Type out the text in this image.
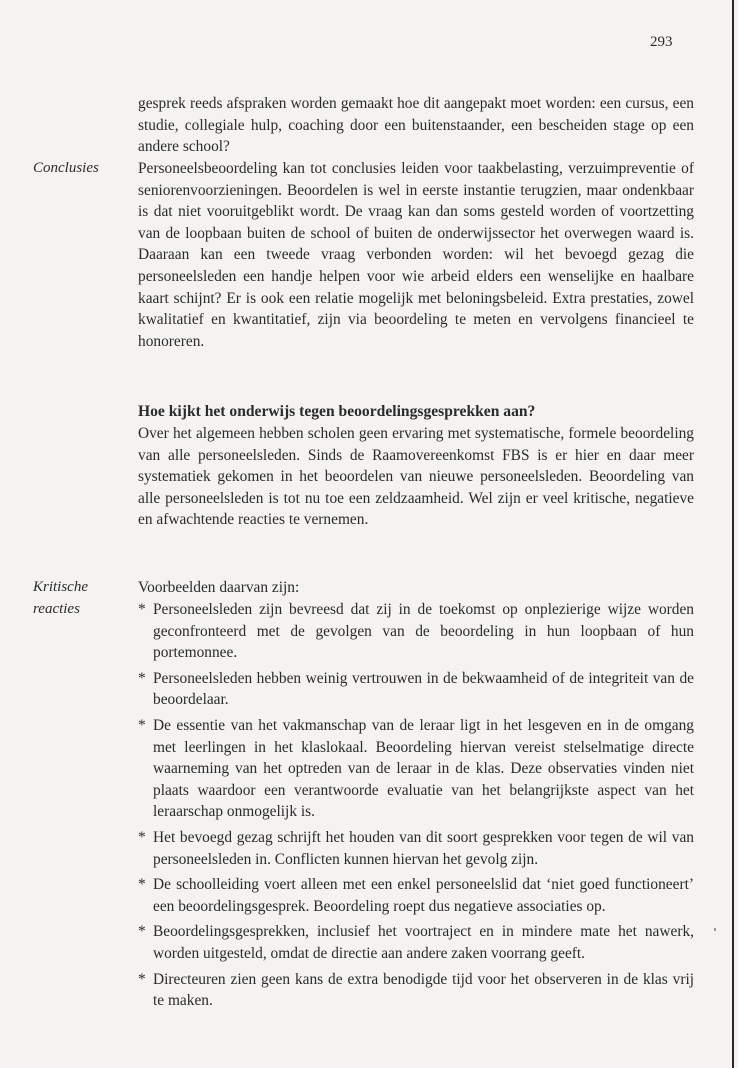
293

gesprek reeds afspraken worden gemaakt hoe dit aangepakt moet worden: een cursus, een studie, collegiale hulp, coaching door een buitenstaander, een bescheiden stage op een andere school?

Conclusies	Personeelsbeoordeling kan tot conclusies leiden voor taakbelasting, verzuimpreventie of seniorenvoorzieningen. Beoordelen is wel in eerste instantie terugzien, maar ondenkbaar is dat niet vooruitgeblikt wordt. De vraag kan dan soms gesteld worden of voortzetting van de loopbaan buiten de school of buiten de onderwijssector het overwegen waard is. Daaraan kan een tweede vraag verbonden worden: wil het bevoegd gezag die personeelsleden een handje helpen voor wie arbeid elders een wenselijke en haalbare kaart schijnt? Er is ook een relatie mogelijk met beloningsbeleid. Extra prestaties, zowel kwalitatief en kwantitatief, zijn via beoordeling te meten en vervolgens financieel te honoreren.

Hoe kijkt het onderwijs tegen beoordelingsgesprekken aan?

Over het algemeen hebben scholen geen ervaring met systematische, formele beoordeling van alle personeelsleden. Sinds de Raamovereenkomst FBS is er hier en daar meer systematiek gekomen in het beoordelen van nieuwe personeelsleden. Beoordeling van alle personeelsleden is tot nu toe een zeldzaamheid. Wel zijn er veel kritische, negatieve en afwachtende reacties te vernemen.

Kritische
reacties

Voorbeelden daarvan zijn:

* Personeelsleden zijn bevreesd dat zij in de toekomst op onplezierige wijze worden geconfronteerd met de gevolgen van de beoordeling in hun loopbaan of hun portemonnee.
* Personeelsleden hebben weinig vertrouwen in de bekwaamheid of de integriteit van de beoordelaar.
* De essentie van het vakmanschap van de leraar ligt in het lesgeven en in de omgang met leerlingen in het klaslokaal. Beoordeling hiervan vereist stelselmatige directe waarneming van het optreden van de leraar in de klas. Deze observaties vinden niet plaats waardoor een verantwoorde evaluatie van het belangrijkste aspect van het leraarschap onmogelijk is.
* Het bevoegd gezag schrijft het houden van dit soort gesprekken voor tegen de wil van personeelsleden in. Conflicten kunnen hiervan het gevolg zijn.
* De schoolleiding voert alleen met een enkel personeelslid dat ‘niet goed functioneert’ een beoordelingsgesprek. Beoordeling roept dus negatieve associaties op.
* Beoordelingsgesprekken, inclusief het voortraject en in mindere mate het nawerk, worden uitgesteld, omdat de directie aan andere zaken voorrang geeft.
* Directeuren zien geen kans de extra benodigde tijd voor het observeren in de klas vrij te maken.
